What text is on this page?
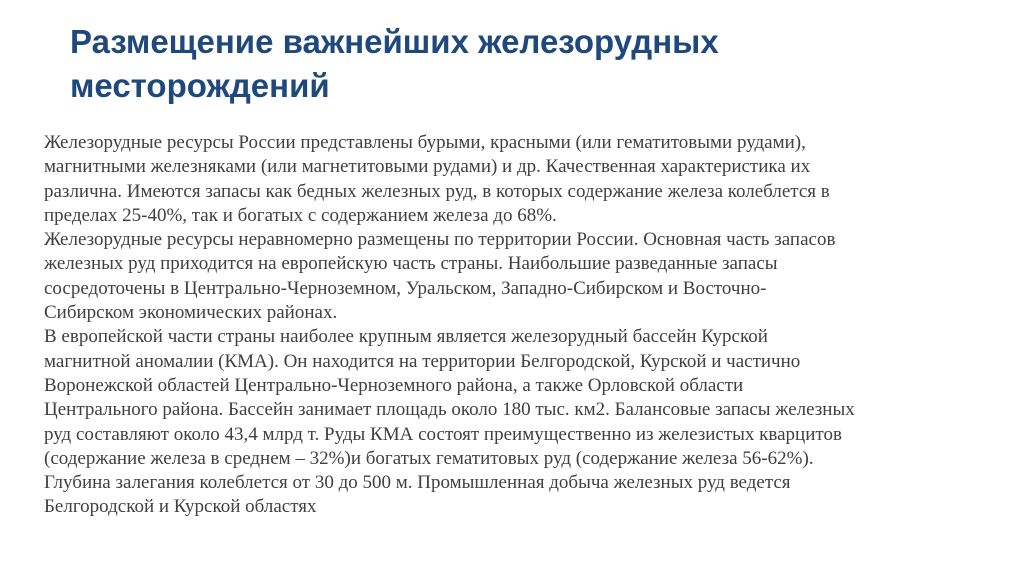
Размещение важнейших железорудных
месторождений
Железорудные ресурсы России представлены бурыми, красными (или гематитовыми рудами),
магнитными железняками (или магнетитовыми рудами) и др. Качественная характеристика их
различна. Имеются запасы как бедных железных руд, в которых содержание железа колеблется в
пределах 25-40%, так и богатых с содержанием железа до 68%.
Железорудные ресурсы неравномерно размещены по территории России. Основная часть запасов
железных руд приходится на европейскую часть страны. Наибольшие разведанные запасы
сосредоточены в Центрально-Черноземном, Уральском, Западно-Сибирском и Восточно-
Сибирском экономических районах.
В европейской части страны наиболее крупным является железорудный бассейн Курской
магнитной аномалии (КМА). Он находится на территории Белгородской, Курской и частично
Воронежской областей Центрально-Черноземного района, а также Орловской области
Центрального района. Бассейн занимает площадь около 180 тыс. км2. Балансовые запасы железных
руд составляют около 43,4 млрд т. Руды КМА состоят преимущественно из железистых кварцитов
(содержание железа в среднем – 32%)и богатых гематитовых руд (содержание железа 56-62%).
Глубина залегания колеблется от 30 до 500 м. Промышленная добыча железных руд ведется
Белгородской и Курской областях
